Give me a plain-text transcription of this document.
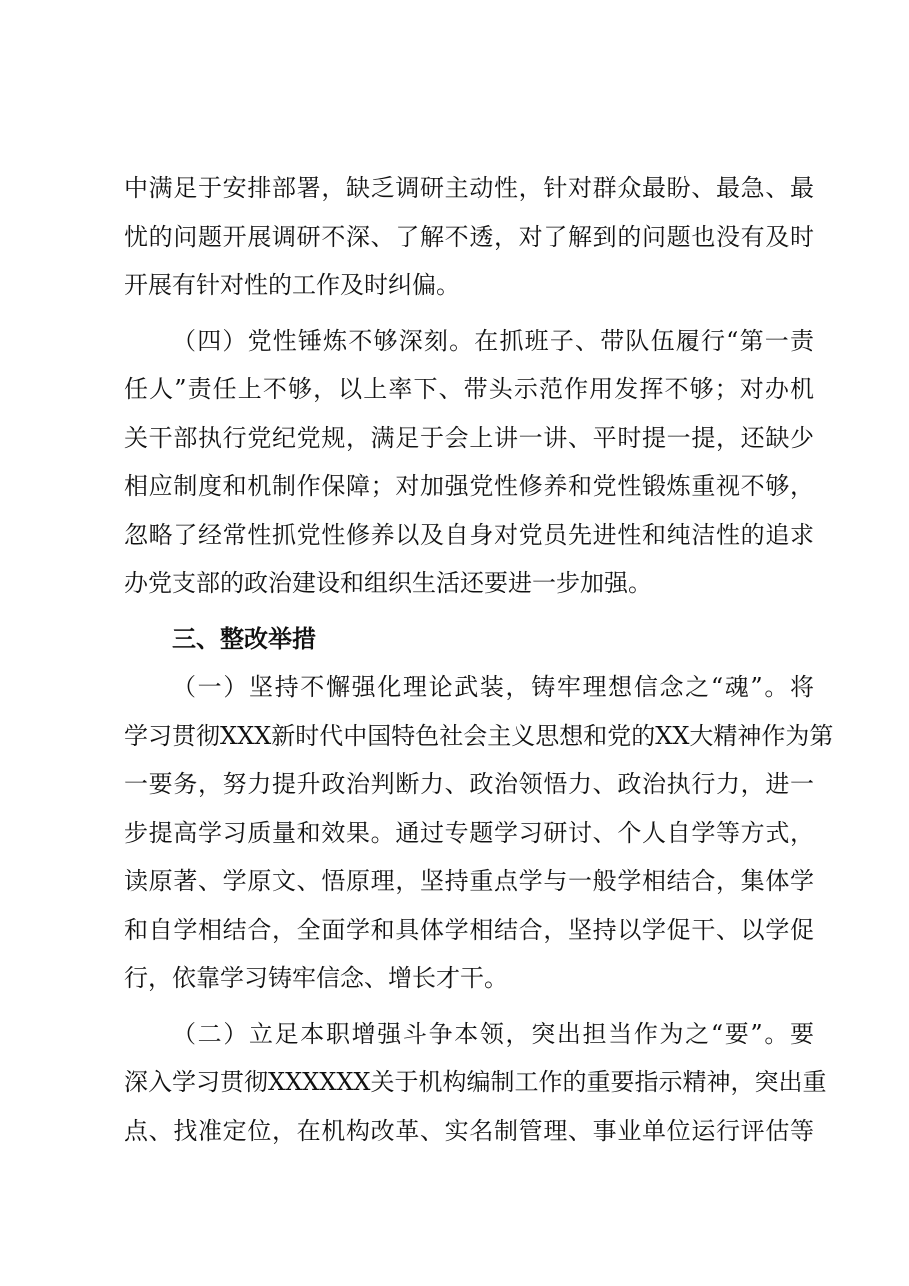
中满足于安排部署，缺乏调研主动性，针对群众最盼、最急、最
忧的问题开展调研不深、了解不透，对了解到的问题也没有及时
开展有针对性的工作及时纠偏。
（四）党性锤炼不够深刻。在抓班子、带队伍履行“第一责
任人”责任上不够，以上率下、带头示范作用发挥不够；对办机
关干部执行党纪党规，满足于会上讲一讲、平时提一提，还缺少
相应制度和机制作保障；对加强党性修养和党性锻炼重视不够，
忽略了经常性抓党性修养以及自身对党员先进性和纯洁性的追求
办党支部的政治建设和组织生活还要进一步加强。
三、整改举措
（一）坚持不懈强化理论武装，铸牢理想信念之“魂”。将
学习贯彻XXX新时代中国特色社会主义思想和党的XX大精神作为第
一要务，努力提升政治判断力、政治领悟力、政治执行力，进一
步提高学习质量和效果。通过专题学习研讨、个人自学等方式，
读原著、学原文、悟原理，坚持重点学与一般学相结合，集体学
和自学相结合，全面学和具体学相结合，坚持以学促干、以学促
行，依靠学习铸牢信念、增长才干。
（二）立足本职增强斗争本领，突出担当作为之“要”。要
深入学习贯彻XXXXXX关于机构编制工作的重要指示精神，突出重
点、找准定位，在机构改革、实名制管理、事业单位运行评估等
